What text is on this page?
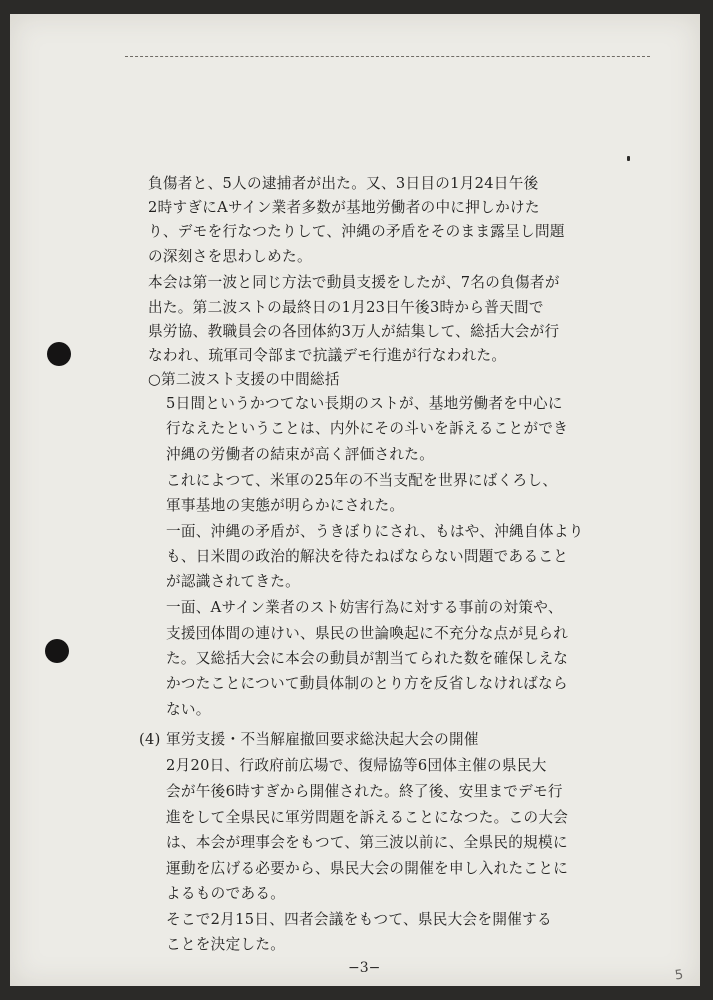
負傷者と、5人の逮捕者が出た。又、3日目の1月24日午後
2時すぎにAサイン業者多数が基地労働者の中に押しかけた
り、デモを行なつたりして、沖縄の矛盾をそのまま露呈し問題
の深刻さを思わしめた。
本会は第一波と同じ方法で動員支援をしたが、7名の負傷者が
出た。第二波ストの最終日の1月23日午後3時から普天間で
県労協、教職員会の各団体約3万人が結集して、総括大会が行
なわれ、琉軍司令部まで抗議デモ行進が行なわれた。
○第二波スト支援の中間総括
5日間というかつてない長期のストが、基地労働者を中心に
行なえたということは、内外にその斗いを訴えることができ
沖縄の労働者の結束が高く評価された。
これによつて、米軍の25年の不当支配を世界にばくろし、
軍事基地の実態が明らかにされた。
一面、沖縄の矛盾が、うきぼりにされ、もはや、沖縄自体より
も、日米間の政治的解決を待たねばならない問題であること
が認識されてきた。
一面、Aサイン業者のスト妨害行為に対する事前の対策や、
支援団体間の連けい、県民の世論喚起に不充分な点が見られ
た。又総括大会に本会の動員が割当てられた数を確保しえな
かつたことについて動員体制のとり方を反省しなければなら
ない。
(4) 軍労支援・不当解雇撤回要求総決起大会の開催
2月20日、行政府前広場で、復帰協等6団体主催の県民大
会が午後6時すぎから開催された。終了後、安里までデモ行
進をして全県民に軍労問題を訴えることになつた。この大会
は、本会が理事会をもつて、第三波以前に、全県民的規模に
運動を広げる必要から、県民大会の開催を申し入れたことに
よるものである。
そこで2月15日、四者会議をもつて、県民大会を開催する
ことを決定した。
−3−	5
